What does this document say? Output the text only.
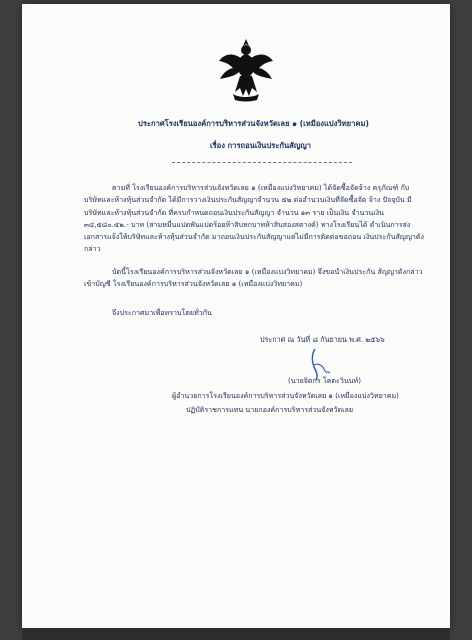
ประกาศโรงเรียนองค์การบริหารส่วนจังหวัดเลย ๑ (เหมืองแบ่งวิทยาคม)
เรื่อง การถอนเงินประกันสัญญา
ตามที่ โรงเรียนองค์การบริหารส่วนจังหวัดเลย ๑ (เหมืองแบ่งวิทยาคม) ได้จัดซื้อจัดจ้าง ครุภัณฑ์ กับบริษัทและห้างหุ้นส่วนจำกัด ได้มีการวางเงินประกันสัญญาจำนวน ๕๒ ต่ออำนวนเงินที่จัดซื้อจัด จ้าง ปัจจุบัน มีบริษัทและห้างหุ้นส่วนจำกัด ที่ครบกำหนดถอนเงินประกันสัญญา จำนวน ๑๓ ราย เป็นเงิน จำนวนเงิน ๓๔,๕๘๐.๕๒.- บาท (สามหมื่นแปดพันแปดร้อยห้าสิบหกบาทห้าสิบสองสตางค์) ทางโรงเรียนได้ ดำเนินการส่งเอกสารแจ้งให้บริษัทและห้างหุ้นส่วนจำกัด มาถอนเงินประกันสัญญาแต่ไม่มีการติดต่อขอถอน เงินประกันสัญญาดังกล่าว
บัดนี้โรงเรียนองค์การบริหารส่วนจังหวัดเลย ๑ (เหมืองแบ่งวิทยาคม) จึงขอนำเงินประกัน สัญญาดังกล่าวเข้าบัญชี โรงเรียนองค์การบริหารส่วนจังหวัดเลย ๑ (เหมืองแบ่งวิทยาคม)
จึงประกาศมาเพื่อทราบโดยทั่วกัน
ประกาศ ณ วันที่ ๘ กันยายน พ.ศ. ๒๕๖๖
(นายจิตกร โคตะวินนท์)
ผู้อำนวยการโรงเรียนองค์การบริหารส่วนจังหวัดเลย ๑ (เหมืองแบ่งวิทยาคม)
ปฏิบัติราชการแทน นายกองค์การบริหารส่วนจังหวัดเลย
